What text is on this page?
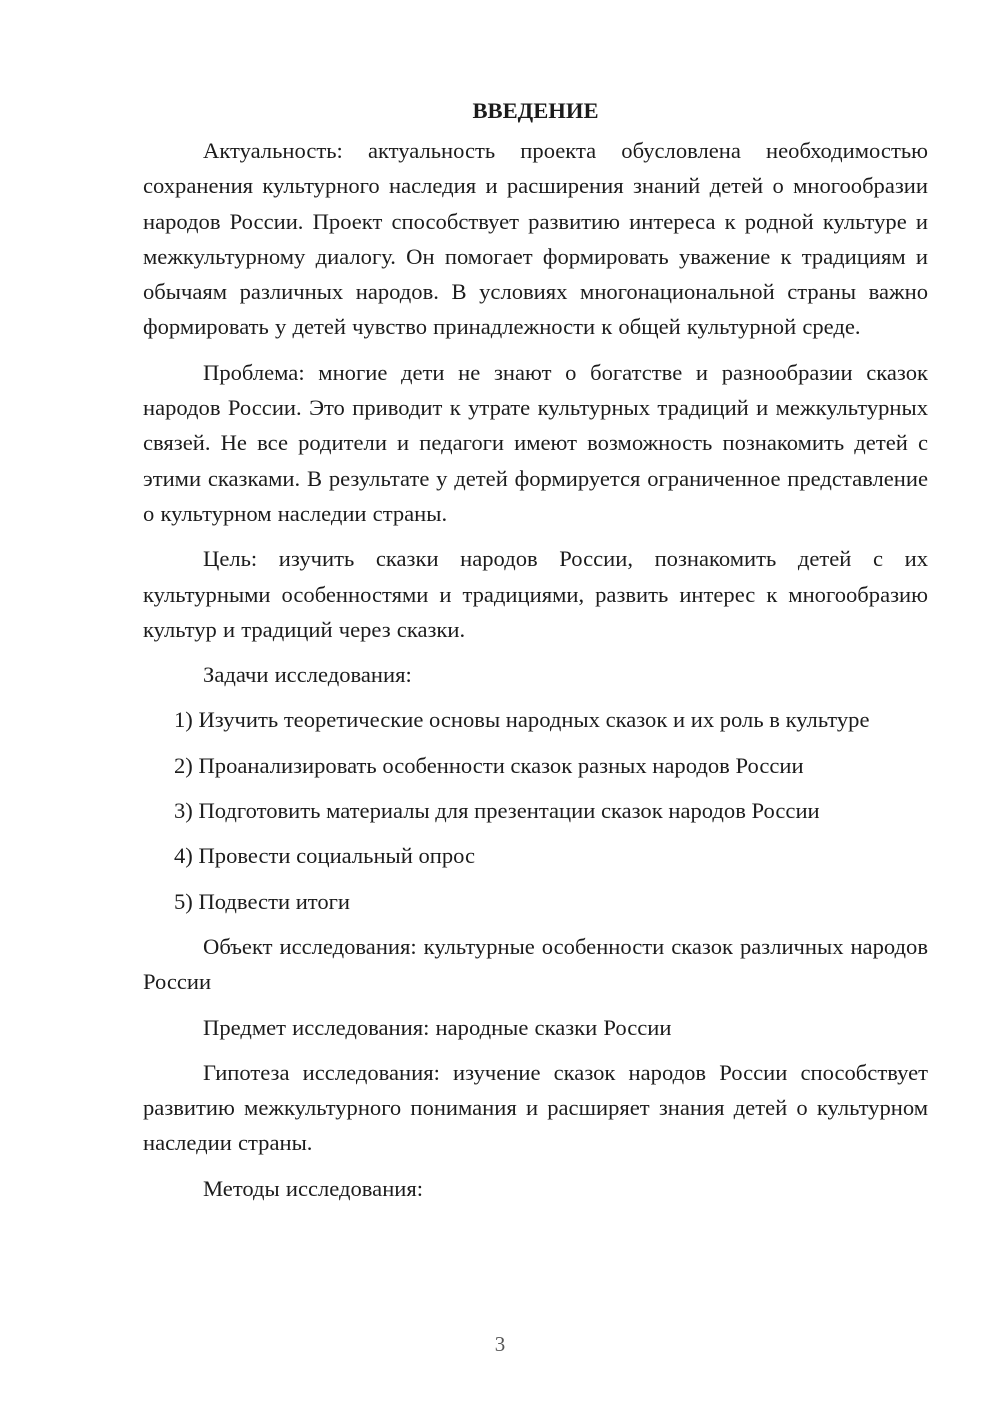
ВВЕДЕНИЕ

Актуальность: актуальность проекта обусловлена необходимостью сохранения культурного наследия и расширения знаний детей о многообразии народов России. Проект способствует развитию интереса к родной культуре и межкультурному диалогу. Он помогает формировать уважение к традициям и обычаям различных народов. В условиях многонациональной страны важно формировать у детей чувство принадлежности к общей культурной среде.

Проблема: многие дети не знают о богатстве и разнообразии сказок народов России. Это приводит к утрате культурных традиций и межкультурных связей. Не все родители и педагоги имеют возможность познакомить детей с этими сказками. В результате у детей формируется ограниченное представление о культурном наследии страны.

Цель: изучить сказки народов России, познакомить детей с их культурными особенностями и традициями, развить интерес к многообразию культур и традиций через сказки.

Задачи исследования:

1) Изучить теоретические основы народных сказок и их роль в культуре

2) Проанализировать особенности сказок разных народов России

3) Подготовить материалы для презентации сказок народов России

4) Провести социальный опрос

5) Подвести итоги

Объект исследования: культурные особенности сказок различных народов России

Предмет исследования: народные сказки России

Гипотеза исследования: изучение сказок народов России способствует развитию межкультурного понимания и расширяет знания детей о культурном наследии страны.

Методы исследования:

3
